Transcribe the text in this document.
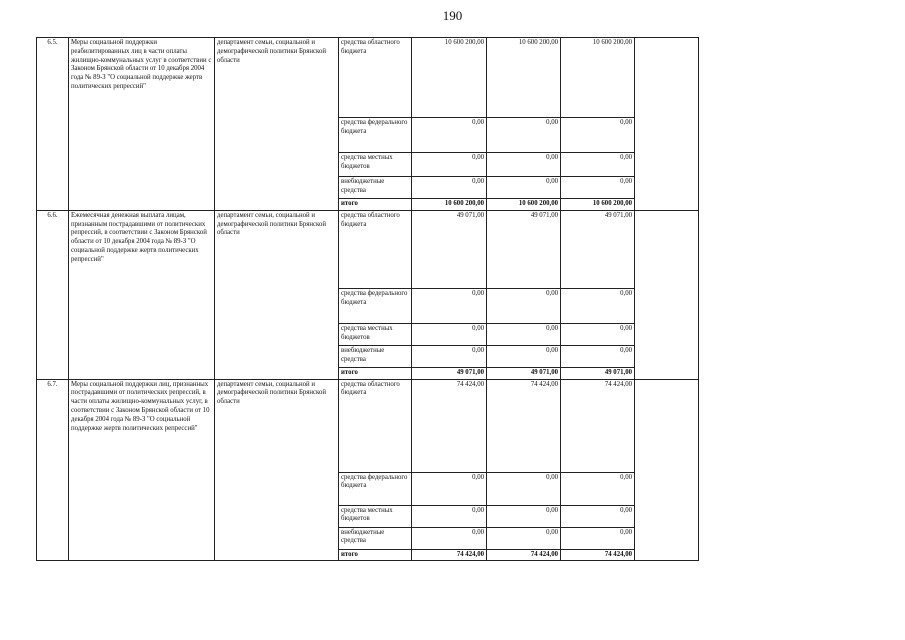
190
6.5.	Меры социальной поддержки реабилитированных лиц в части оплаты жилищно-коммунальных услуг в соответствии с Законом Брянской области от 10 декабря 2004 года № 89-З "О социальной поддержке жертв политических репрессий"	департамент семьи, социальной и демографической политики Брянской области	средства областного бюджета	10 600 200,00	10 600 200,00	10 600 200,00	
			средства федерального бюджета	0,00	0,00	0,00	
			средства местных бюджетов	0,00	0,00	0,00	
			внебюджетные средства	0,00	0,00	0,00	
			итого	10 600 200,00	10 600 200,00	10 600 200,00	
6.6.	Ежемесячная денежная выплата лицам, признанным пострадавшими от политических репрессий, в соответствии с Законом Брянской области от 10 декабря 2004 года № 89-З "О социальной поддержке жертв политических репрессий"	департамент семьи, социальной и демографической политики Брянской области	средства областного бюджета	49 071,00	49 071,00	49 071,00	
			средства федерального бюджета	0,00	0,00	0,00	
			средства местных бюджетов	0,00	0,00	0,00	
			внебюджетные средства	0,00	0,00	0,00	
			итого	49 071,00	49 071,00	49 071,00	
6.7.	Меры социальной поддержки лиц, признанных пострадавшими от политических репрессий, в части оплаты жилищно-коммунальных услуг, в соответствии с Законом Брянской области от 10 декабря 2004 года № 89-З "О социальной поддержке жертв политических репрессий"	департамент семьи, социальной и демографической политики Брянской области	средства областного бюджета	74 424,00	74 424,00	74 424,00	
			средства федерального бюджета	0,00	0,00	0,00	
			средства местных бюджетов	0,00	0,00	0,00	
			внебюджетные средства	0,00	0,00	0,00	
			итого	74 424,00	74 424,00	74 424,00	
